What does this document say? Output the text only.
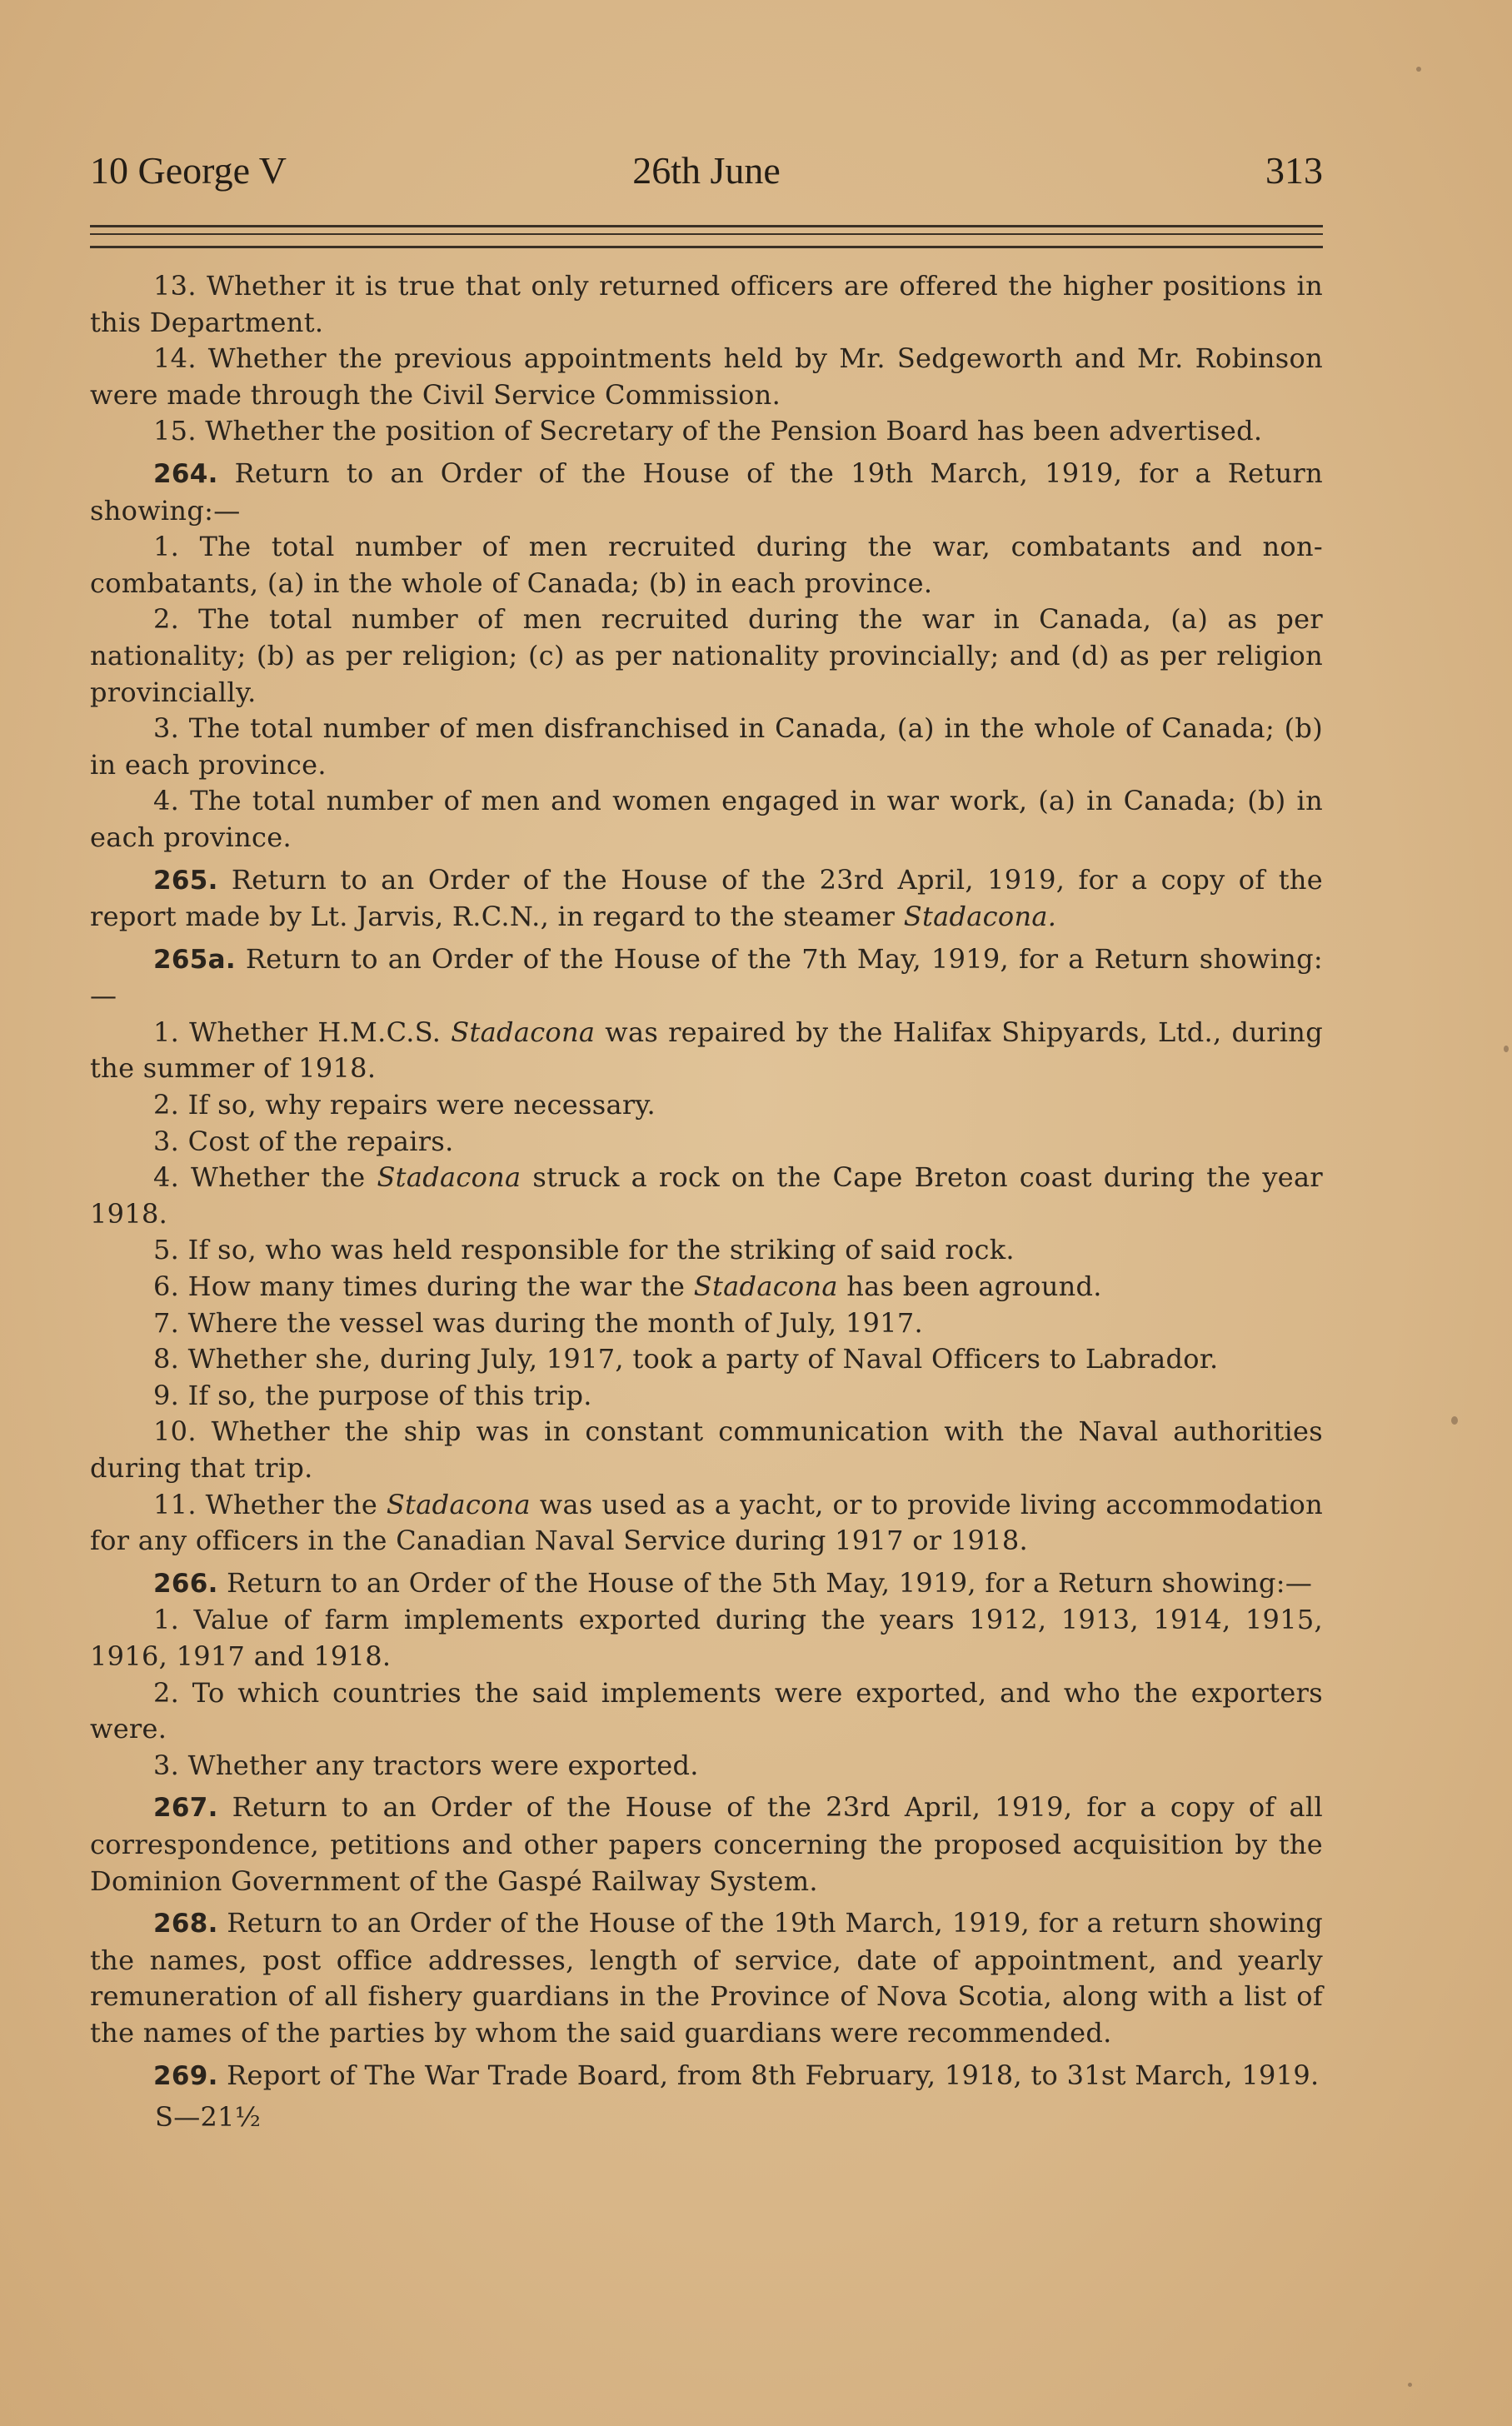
10 George V	26th June	313

13. Whether it is true that only returned officers are offered the higher positions in this Department.

14. Whether the previous appointments held by Mr. Sedgeworth and Mr. Robinson were made through the Civil Service Commission.

15. Whether the position of Secretary of the Pension Board has been advertised.

264. Return to an Order of the House of the 19th March, 1919, for a Return showing:—

1. The total number of men recruited during the war, combatants and non-combatants, (a) in the whole of Canada; (b) in each province.

2. The total number of men recruited during the war in Canada, (a) as per nationality; (b) as per religion; (c) as per nationality provincially; and (d) as per religion provincially.

3. The total number of men disfranchised in Canada, (a) in the whole of Canada; (b) in each province.

4. The total number of men and women engaged in war work, (a) in Canada; (b) in each province.

265. Return to an Order of the House of the 23rd April, 1919, for a copy of the report made by Lt. Jarvis, R.C.N., in regard to the steamer Stadacona.

265a. Return to an Order of the House of the 7th May, 1919, for a Return showing:—

1. Whether H.M.C.S. Stadacona was repaired by the Halifax Shipyards, Ltd., during the summer of 1918.

2. If so, why repairs were necessary.

3. Cost of the repairs.

4. Whether the Stadacona struck a rock on the Cape Breton coast during the year 1918.

5. If so, who was held responsible for the striking of said rock.

6. How many times during the war the Stadacona has been aground.

7. Where the vessel was during the month of July, 1917.

8. Whether she, during July, 1917, took a party of Naval Officers to Labrador.

9. If so, the purpose of this trip.

10. Whether the ship was in constant communication with the Naval authorities during that trip.

11. Whether the Stadacona was used as a yacht, or to provide living accommodation for any officers in the Canadian Naval Service during 1917 or 1918.

266. Return to an Order of the House of the 5th May, 1919, for a Return showing:—

1. Value of farm implements exported during the years 1912, 1913, 1914, 1915, 1916, 1917 and 1918.

2. To which countries the said implements were exported, and who the exporters were.

3. Whether any tractors were exported.

267. Return to an Order of the House of the 23rd April, 1919, for a copy of all correspondence, petitions and other papers concerning the proposed acquisition by the Dominion Government of the Gaspé Railway System.

268. Return to an Order of the House of the 19th March, 1919, for a return showing the names, post office addresses, length of service, date of appointment, and yearly remuneration of all fishery guardians in the Province of Nova Scotia, along with a list of the names of the parties by whom the said guardians were recommended.

269. Report of The War Trade Board, from 8th February, 1918, to 31st March, 1919.

S—21½
